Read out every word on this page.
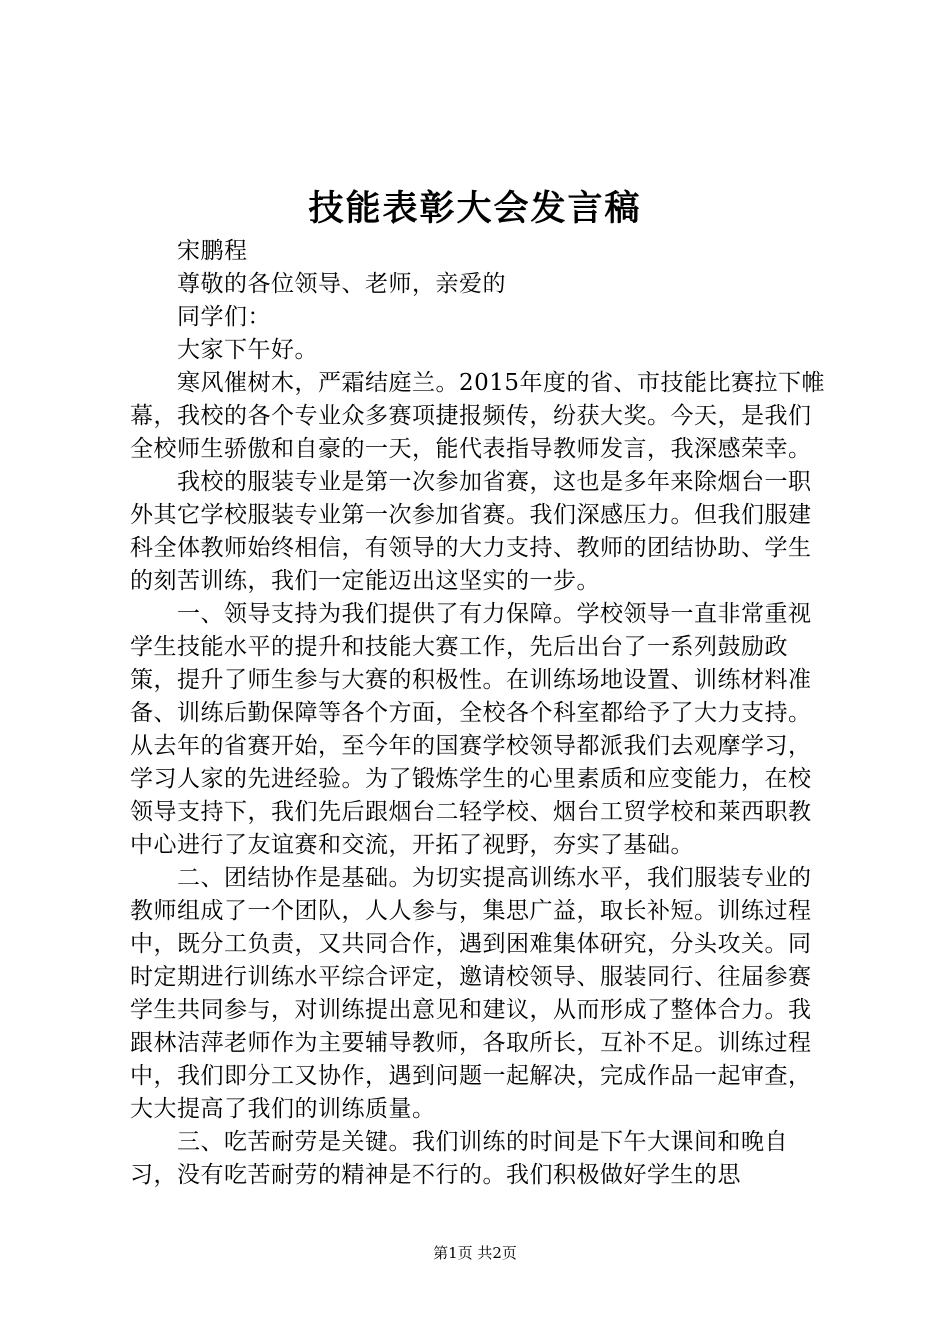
技能表彰大会发言稿

宋鹏程

尊敬的各位领导、老师，亲爱的

同学们：

大家下午好。

寒风催树木，严霜结庭兰。2015年度的省、市技能比赛拉下帷幕，我校的各个专业众多赛项捷报频传，纷获大奖。今天，是我们全校师生骄傲和自豪的一天，能代表指导教师发言，我深感荣幸。

我校的服装专业是第一次参加省赛，这也是多年来除烟台一职外其它学校服装专业第一次参加省赛。我们深感压力。但我们服建科全体教师始终相信，有领导的大力支持、教师的团结协助、学生的刻苦训练，我们一定能迈出这坚实的一步。

一、领导支持为我们提供了有力保障。学校领导一直非常重视学生技能水平的提升和技能大赛工作，先后出台了一系列鼓励政策，提升了师生参与大赛的积极性。在训练场地设置、训练材料准备、训练后勤保障等各个方面，全校各个科室都给予了大力支持。从去年的省赛开始，至今年的国赛学校领导都派我们去观摩学习，学习人家的先进经验。为了锻炼学生的心里素质和应变能力，在校领导支持下，我们先后跟烟台二轻学校、烟台工贸学校和莱西职教中心进行了友谊赛和交流，开拓了视野，夯实了基础。

二、团结协作是基础。为切实提高训练水平，我们服装专业的教师组成了一个团队，人人参与，集思广益，取长补短。训练过程中，既分工负责，又共同合作，遇到困难集体研究，分头攻关。同时定期进行训练水平综合评定，邀请校领导、服装同行、往届参赛学生共同参与，对训练提出意见和建议，从而形成了整体合力。我跟林洁萍老师作为主要辅导教师，各取所长，互补不足。训练过程中，我们即分工又协作，遇到问题一起解决，完成作品一起审查，大大提高了我们的训练质量。

三、吃苦耐劳是关键。我们训练的时间是下午大课间和晚自习，没有吃苦耐劳的精神是不行的。我们积极做好学生的思

第1页 共2页
